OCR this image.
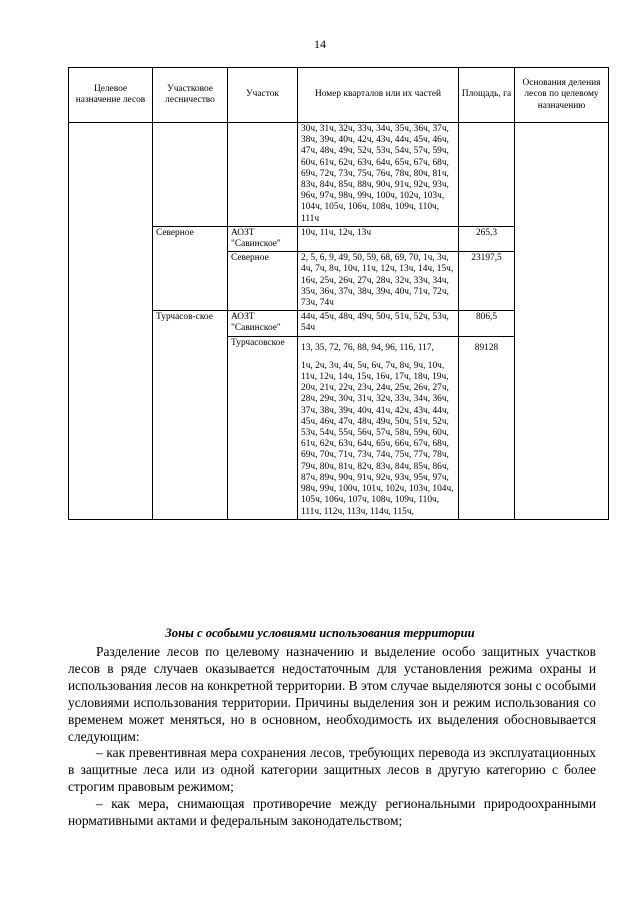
14
Целевое назначение лесов	Участковое лесничество	Участок	Номер кварталов или их частей	Площадь, га	Основания деления лесов по целевому назначению
			30ч, 31ч, 32ч, 33ч, 34ч, 35ч, 36ч, 37ч, 38ч, 39ч, 40ч, 42ч, 43ч, 44ч, 45ч, 46ч, 47ч, 48ч, 49ч, 52ч, 53ч, 54ч, 57ч, 59ч, 60ч, 61ч, 62ч, 63ч, 64ч, 65ч, 67ч, 68ч, 69ч, 72ч, 73ч, 75ч, 76ч, 78ч, 80ч, 81ч, 83ч, 84ч, 85ч, 88ч, 90ч, 91ч, 92ч, 93ч, 96ч, 97ч, 98ч, 99ч, 100ч, 102ч, 103ч, 104ч, 105ч, 106ч, 108ч, 109ч, 110ч, 111ч		
	Северное	АОЗТ "Савинское"	10ч, 11ч, 12ч, 13ч	265,3	
		Северное	2, 5, 6, 9, 49, 50, 59, 68, 69, 70, 1ч, 3ч, 4ч, 7ч, 8ч, 10ч, 11ч, 12ч, 13ч, 14ч, 15ч, 16ч, 25ч, 26ч, 27ч, 28ч, 32ч, 33ч, 34ч, 35ч, 36ч, 37ч, 38ч, 39ч, 40ч, 71ч, 72ч, 73ч, 74ч	23197,5	
	Турчасов-ское	АОЗТ "Савинское"	44ч, 45ч, 48ч, 49ч, 50ч, 51ч, 52ч, 53ч, 54ч	806,5	
		Турчасовское	13, 35, 72, 76, 88, 94, 96, 116, 117,
1ч, 2ч, 3ч, 4ч, 5ч, 6ч, 7ч, 8ч, 9ч, 10ч, 11ч, 12ч, 14ч, 15ч, 16ч, 17ч, 18ч, 19ч, 20ч, 21ч, 22ч, 23ч, 24ч, 25ч, 26ч, 27ч, 28ч, 29ч, 30ч, 31ч, 32ч, 33ч, 34ч, 36ч, 37ч, 38ч, 39ч, 40ч, 41ч, 42ч, 43ч, 44ч, 45ч, 46ч, 47ч, 48ч, 49ч, 50ч, 51ч, 52ч, 53ч, 54ч, 55ч, 56ч, 57ч, 58ч, 59ч, 60ч, 61ч, 62ч, 63ч, 64ч, 65ч, 66ч, 67ч, 68ч, 69ч, 70ч, 71ч, 73ч, 74ч, 75ч, 77ч, 78ч, 79ч, 80ч, 81ч, 82ч, 83ч, 84ч, 85ч, 86ч, 87ч, 89ч, 90ч, 91ч, 92ч, 93ч, 95ч, 97ч, 98ч, 99ч, 100ч, 101ч, 102ч, 103ч, 104ч, 105ч, 106ч, 107ч, 108ч, 109ч, 110ч, 111ч, 112ч, 113ч, 114ч, 115ч,	89128	
Зоны с особыми условиями использования территории

Разделение лесов по целевому назначению и выделение особо защитных участков лесов в ряде случаев оказывается недостаточным для установления режима охраны и использования лесов на конкретной территории. В этом случае выделяются зоны с особыми условиями использования территории. Причины выделения зон и режим использования со временем может меняться, но в основном, необходимость их выделения обосновывается следующим:

– как превентивная мера сохранения лесов, требующих перевода из эксплуатационных в защитные леса или из одной категории защитных лесов в другую категорию с более строгим правовым режимом;

– как мера, снимающая противоречие между региональными природоохранными нормативными актами и федеральным законодательством;
